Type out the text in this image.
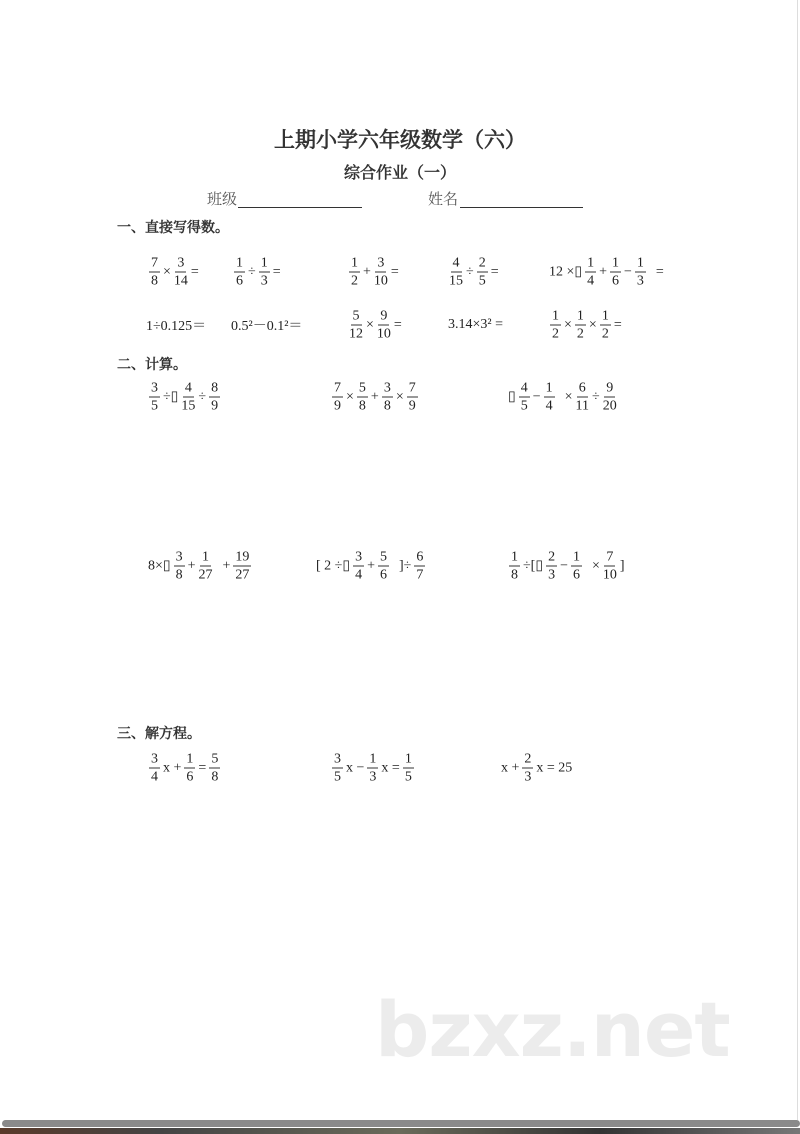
上期小学六年级数学（六）
综合作业（一）
班级	姓名
一、直接写得数。
二、计算。
三、解方程。
$\frac{7}{8} \times \frac{3}{14}$ =	$\frac{1}{6} \div \frac{1}{3}$ =	$\frac{1}{2} + \frac{3}{10}$ =	$\frac{4}{15} \div \frac{2}{5}$ =	12 ×▯ $\frac{1}{4} + \frac{1}{6} - \frac{1}{3}$ =
1÷0.125＝ 0.5²－0.1²＝	$\frac{5}{12} \times \frac{9}{10}$ =	3.14×3² =	$\frac{1}{2} \times \frac{1}{2} \times \frac{1}{2}$ =
$\frac{3}{5}$ ÷▯ $\frac{4}{15} \div \frac{8}{9}$	$\frac{7}{9} \times \frac{5}{8} + \frac{3}{8} \times \frac{7}{9}$	▯ $\frac{4}{5} - \frac{1}{4} \times \frac{6}{11} \div \frac{9}{20}$
8×▯ $\frac{3}{8} + \frac{1}{27} + \frac{19}{27}$	[ 2 ÷▯ $\frac{3}{4} + \frac{5}{6}$ ]÷ $\frac{6}{7}$	$\frac{1}{8}$ ÷[▯ $\frac{2}{3} - \frac{1}{6} \times \frac{7}{10}$ ]
$\frac{3}{4}$ $x + \frac{1}{6} = \frac{5}{8}$	$\frac{3}{5}$ $x - \frac{1}{3}$ $x = \frac{1}{5}$	$x + \frac{2}{3}$ x = 25
bzxz.net
